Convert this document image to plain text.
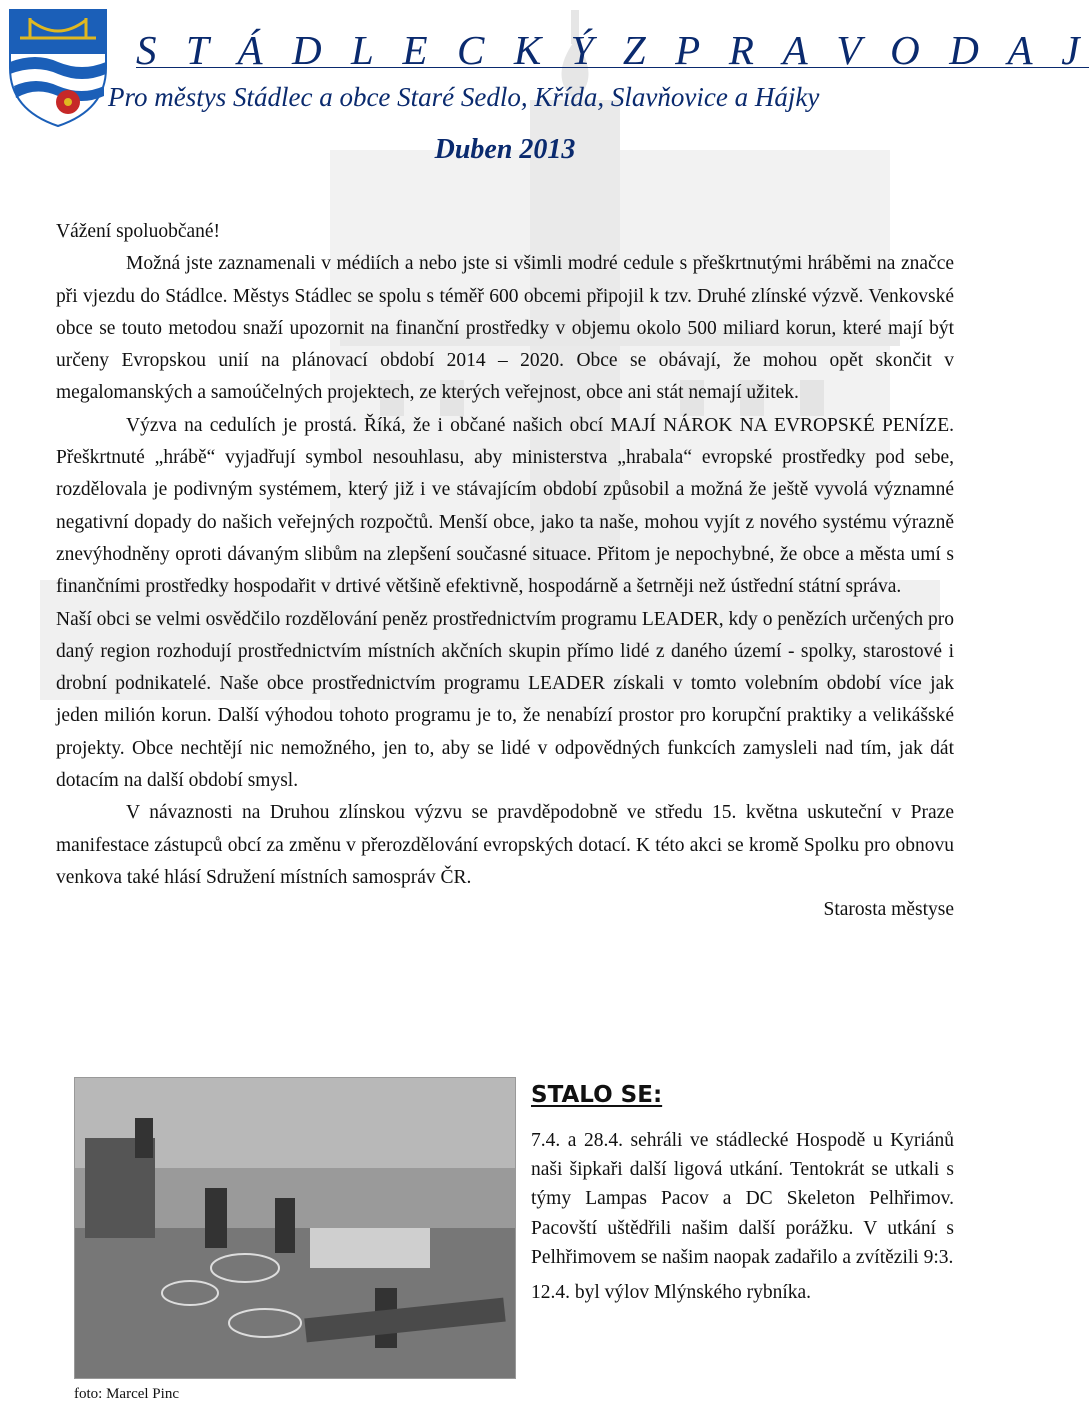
S T Á D L E C K Ý Z P R A V O D A J
Pro městys Stádlec a obce Staré Sedlo, Křída, Slavňovice a Hájky
Duben 2013

Vážení spoluobčané!

Možná jste zaznamenali v médiích a nebo jste si všimli modré cedule s přeškrtnutými hráběmi na značce při vjezdu do Stádlce. Městys Stádlec se spolu s téměř 600 obcemi připojil k tzv. Druhé zlínské výzvě. Venkovské obce se touto metodou snaží upozornit na finanční prostředky v objemu okolo 500 miliard korun, které mají být určeny Evropskou unií na plánovací období 2014 – 2020. Obce se obávají, že mohou opět skončit v megalomanských a samoúčelných projektech, ze kterých veřejnost, obce ani stát nemají užitek.

Výzva na cedulích je prostá. Říká, že i občané našich obcí MAJÍ NÁROK NA EVROPSKÉ PENÍZE. Přeškrtnuté „hrábě“ vyjadřují symbol nesouhlasu, aby ministerstva „hrabala“ evropské prostředky pod sebe, rozdělovala je podivným systémem, který již i ve stávajícím období způsobil a možná že ještě vyvolá významné negativní dopady do našich veřejných rozpočtů. Menší obce, jako ta naše, mohou vyjít z nového systému výrazně znevýhodněny oproti dávaným slibům na zlepšení současné situace. Přitom je nepochybné, že obce a města umí s finančními prostředky hospodařit v drtivé většině efektivně, hospodárně a šetrněji než ústřední státní správa.

Naší obci se velmi osvědčilo rozdělování peněz prostřednictvím programu LEADER, kdy o penězích určených pro daný region rozhodují prostřednictvím místních akčních skupin přímo lidé z daného území - spolky, starostové i drobní podnikatelé. Naše obce prostřednictvím programu LEADER získali v tomto volebním období více jak jeden milión korun. Další výhodou tohoto programu je to, že nenabízí prostor pro korupční praktiky a velikášské projekty. Obce nechtějí nic nemožného, jen to, aby se lidé v odpovědných funkcích zamysleli nad tím, jak dát dotacím na další období smysl.

V návaznosti na Druhou zlínskou výzvu se pravděpodobně ve středu 15. května uskuteční v Praze manifestace zástupců obcí za změnu v přerozdělování evropských dotací. K této akci se kromě Spolku pro obnovu venkova také hlásí Sdružení místních samospráv ČR.

Starosta městyse

foto: Marcel Pinc
STALO SE:

7.4. a 28.4. sehráli ve stádlecké Hospodě u Kyriánů naši šipkaři další ligová utkání. Tentokrát se utkali s týmy Lampas Pacov a DC Skeleton Pelhřimov. Pacovští uštědřili našim další porážku. V utkání s Pelhřimovem se našim naopak zadařilo a zvítězili 9:3.

12.4. byl výlov Mlýnského rybníka.
